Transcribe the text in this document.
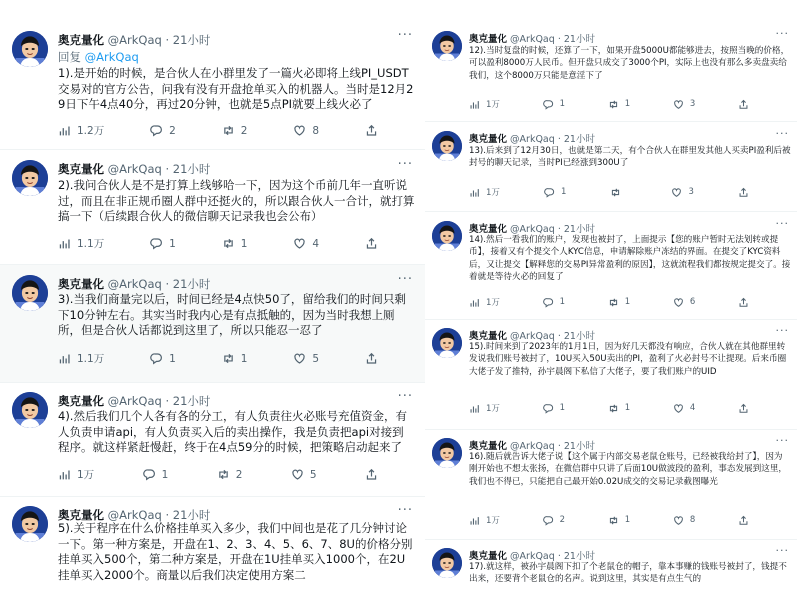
奥克量化 @ArkQaq · 21小时	···
回复 @ArkQaq
1).是开始的时候，是合伙人在小群里发了一篇火必即将上线PI_USDT交易对的官方公告，问我有没有开盘抢单买入的机器人。当时是12月29日下午4点40分，再过20分钟，也就是5点PI就要上线火必了
1.2万	2	2	8
奥克量化 @ArkQaq · 21小时	···
2).我问合伙人是不是打算上线够哈一下，因为这个币前几年一直听说过，而且在非正规币圈人群中还挺火的，所以跟合伙人一合计，就打算搞一下（后续跟合伙人的微信聊天记录我也会公布）
1.1万	1	1	4
奥克量化 @ArkQaq · 21小时	···
3).当我们商量完以后，时间已经是4点快50了，留给我们的时间只剩下10分钟左右。其实当时我内心是有点抵触的，因为当时我想上厕所，但是合伙人话都说到这里了，所以只能忍一忍了
1.1万	1	1	5
奥克量化 @ArkQaq · 21小时	···
4).然后我们几个人各有各的分工，有人负责往火必账号充值资金，有人负责申请api，有人负责买入后的卖出操作，我是负责把api对接到程序。就这样紧赶慢赶，终于在4点59分的时候，把策略启动起来了
1万	1	2	5
奥克量化 @ArkQaq · 21小时	···
5).关于程序在什么价格挂单买入多少，我们中间也是花了几分钟讨论一下。第一种方案是，开盘在1、2、3、4、5、6、7、8U的价格分别挂单买入500个，第二种方案是，开盘在1U挂单买入1000个，在2U挂单买入2000个。商量以后我们决定使用方案二
奥克量化 @ArkQaq · 21小时	···
12).当时复盘的时候，还算了一下，如果开盘5000U都能够进去，按照当晚的价格，可以盈利8000万人民币。但开盘只成交了3000个PI，实际上也没有那么多卖盘卖给我们，这个8000万只能是意淫下了
1万	1	1	3
奥克量化 @ArkQaq · 21小时	···
13).后来到了12月30日，也就是第二天，有个合伙人在群里发其他人买卖PI盈利后被封号的聊天记录，当时PI已经涨到300U了
1万	1	3
奥克量化 @ArkQaq · 21小时	···
14).然后一看我们的账户，发现也被封了，上面提示【您的账户暂时无法划转或提币】，接着又有个提交个人KYC信息，申请解除账户冻结的界面。在提交了KYC资料后，又让提交【解释您的交易PI异常盈利的原因】，这就流程我们都按规定提交了。接着就是等待火必的回复了
1万	1	1	6
奥克量化 @ArkQaq · 21小时	···
15).时间来到了2023年的1月1日，因为好几天都没有响应，合伙人就在其他群里转发说我们账号被封了，10U买入50U卖出的PI，盈利了火必封号不让提现。后来币圈大佬子发了推特，孙宇晨阁下私信了大佬子，要了我们账户的UID
1万	1	1	4
奥克量化 @ArkQaq · 21小时	···
16).随后就告诉大佬子说【这个属于内部交易老鼠仓账号，已经被我给封了】，因为刚开始也不想太张扬，在微信群中只讲了后面10U做波段的盈利，事态发展到这里，我们也不得已，只能把自己最开始0.02U成交的交易记录截图曝光
1万	2	1	8
奥克量化 @ArkQaq · 21小时	···
17).就这样，被孙宇晨阁下扣了个老鼠仓的帽子，靠本事赚的钱账号被封了，钱提不出来，还要背个老鼠仓的名声。说到这里，其实是有点生气的
